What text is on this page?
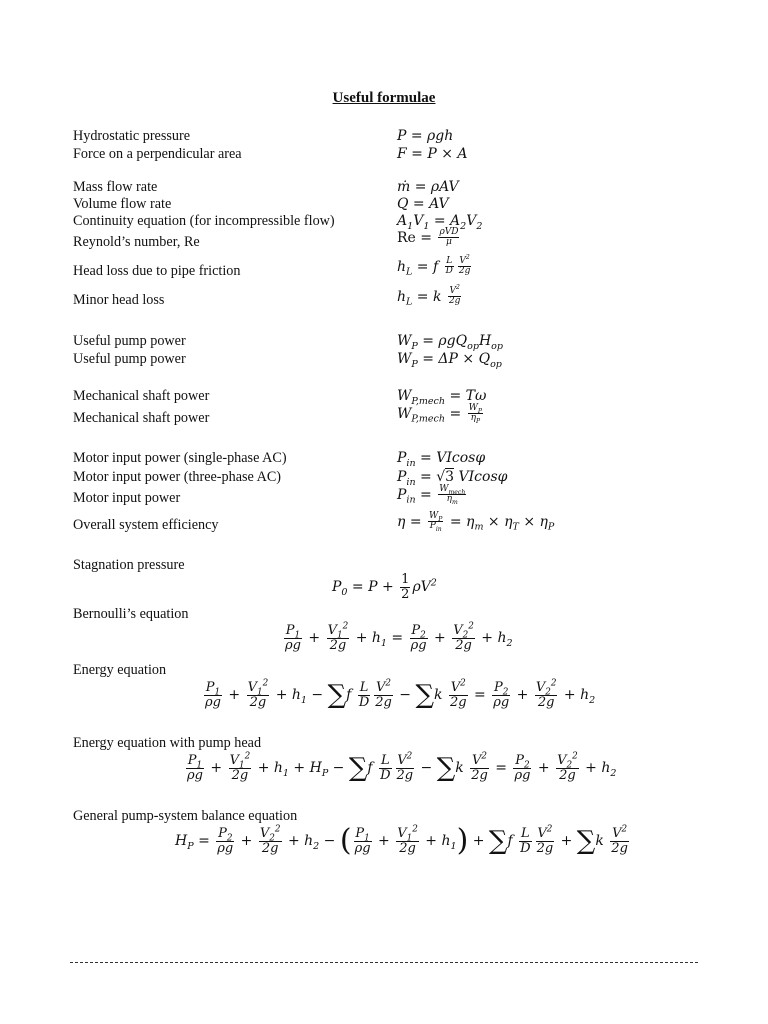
Useful formulae
Hydrostatic pressure	P = ρgh
Force on a perpendicular area	F = P × A
Mass flow rate	ṁ = ρAV
Volume flow rate	Q = AV
Continuity equation (for incompressible flow)	$A_1V_1 = A_2V_2$
Reynold’s number, Re	$Re = \frac{\text{ρVD}}{\mu}$
Head loss due to pipe friction	$h_L = f \frac{L}{D} \frac{V^2}{2g}$
Minor head loss	$h_L = k \frac{V^2}{2g}$
Useful pump power	$W_P = \rho gQ_{op}H_{op}$
Useful pump power	$W_P = \Delta P \times Q_{op}$
Mechanical shaft power	$W_{P,mech} = T\omega$
Mechanical shaft power	$W_{P,mech} = \frac{W_P}{\eta_P}$
Motor input power (single-phase AC)	$P_{in} = VIcos\varphi$
Motor input power (three-phase AC)	$P_{in} = √3$ VIcosφ
Motor input power	$P_{in} = \frac{W_{mech}}{\eta_m}$
Overall system efficiency	$\eta = \frac{W_P}{P_{in}} = \eta_m \times \eta_T \times \eta_P$
Stagnation pressure
$P_0 = P + \frac{1}{2} \rho V^2$
Bernoulli’s equation
$\frac{P_1}{\rho g} + \frac{V_1^2}{2g} + h_1 = \frac{P_2}{\rho g} + \frac{V_2^2}{2g} + h_2$
Energy equation
$\frac{P_1}{\rho g} + \frac{V_1^2}{2g} + h_1 - \sum f \frac{L}{D} \frac{V^2}{2g} - \sum k \frac{V^2}{2g} = \frac{P_2}{\rho g} + \frac{V_2^2}{2g} + h_2$
Energy equation with pump head
$\frac{P_1}{\rho g} + \frac{V_1^2}{2g} + h_1 + H_P - \sum f \frac{L}{D} \frac{V^2}{2g} - \sum k \frac{V^2}{2g} = \frac{P_2}{\rho g} + \frac{V_2^2}{2g} + h_2$
General pump-system balance equation
$H_P = \frac{P_2}{\rho g} + \frac{V_2^2}{2g} + h_2$ − ( $\frac{P_1}{\rho g} + \frac{V_1^2}{2g} + h_1) + \sum f \frac{L}{D} \frac{V^2}{2g} + \sum k \frac{V^2}{2g}$
